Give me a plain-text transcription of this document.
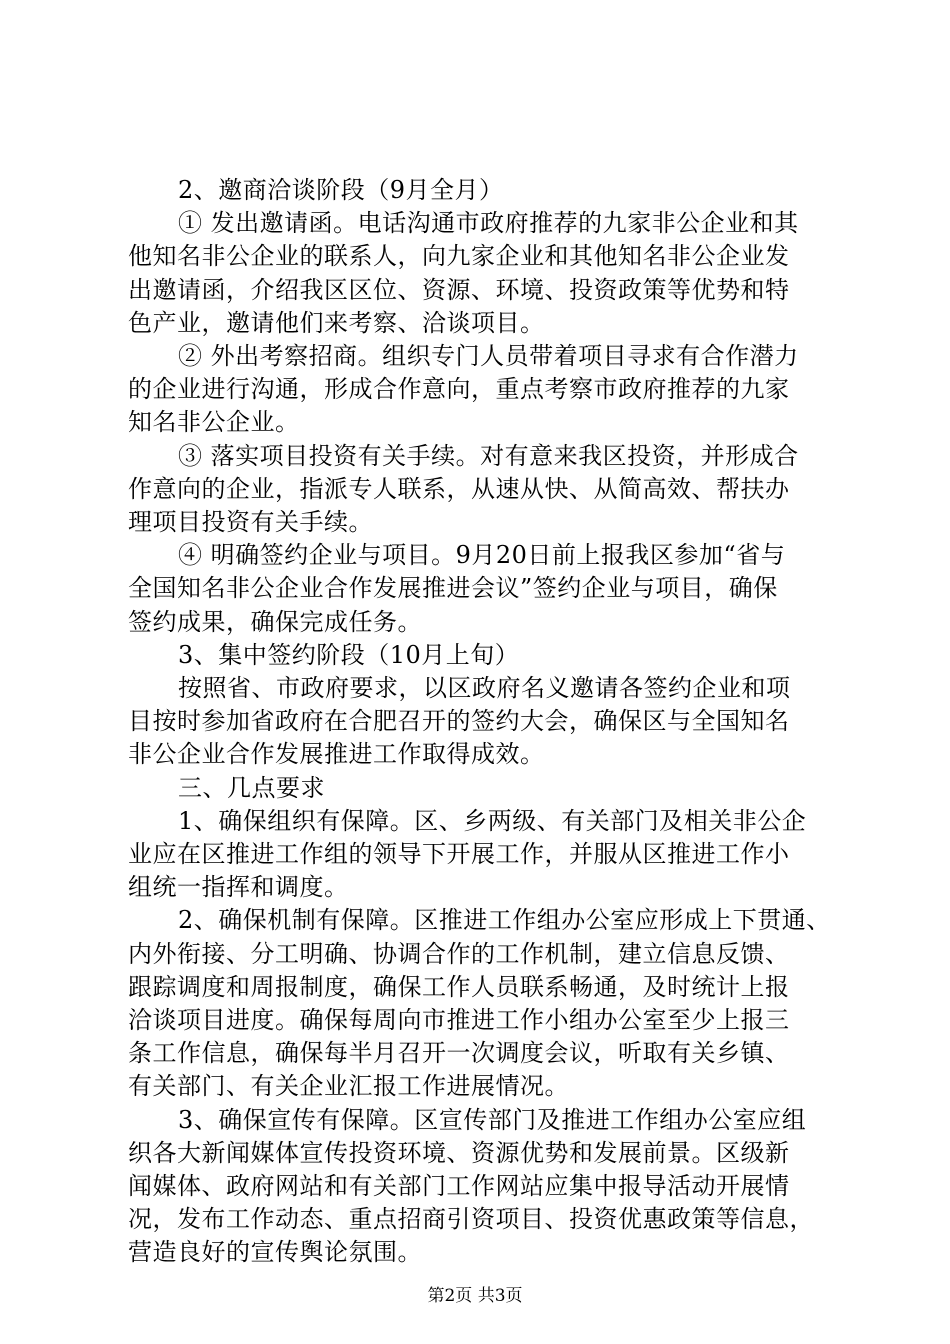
2、邀商洽谈阶段（9月全月）
① 发出邀请函。电话沟通市政府推荐的九家非公企业和其
他知名非公企业的联系人，向九家企业和其他知名非公企业发
出邀请函，介绍我区区位、资源、环境、投资政策等优势和特
色产业，邀请他们来考察、洽谈项目。
② 外出考察招商。组织专门人员带着项目寻求有合作潜力
的企业进行沟通，形成合作意向，重点考察市政府推荐的九家
知名非公企业。
③ 落实项目投资有关手续。对有意来我区投资，并形成合
作意向的企业，指派专人联系，从速从快、从简高效、帮扶办
理项目投资有关手续。
④ 明确签约企业与项目。9月20日前上报我区参加“省与
全国知名非公企业合作发展推进会议”签约企业与项目，确保
签约成果，确保完成任务。
3、集中签约阶段（10月上旬）
按照省、市政府要求，以区政府名义邀请各签约企业和项
目按时参加省政府在合肥召开的签约大会，确保区与全国知名
非公企业合作发展推进工作取得成效。
三、几点要求
1、确保组织有保障。区、乡两级、有关部门及相关非公企
业应在区推进工作组的领导下开展工作，并服从区推进工作小
组统一指挥和调度。
2、确保机制有保障。区推进工作组办公室应形成上下贯通、
内外衔接、分工明确、协调合作的工作机制，建立信息反馈、
跟踪调度和周报制度，确保工作人员联系畅通，及时统计上报
洽谈项目进度。确保每周向市推进工作小组办公室至少上报三
条工作信息，确保每半月召开一次调度会议，听取有关乡镇、
有关部门、有关企业汇报工作进展情况。
3、确保宣传有保障。区宣传部门及推进工作组办公室应组
织各大新闻媒体宣传投资环境、资源优势和发展前景。区级新
闻媒体、政府网站和有关部门工作网站应集中报导活动开展情
况，发布工作动态、重点招商引资项目、投资优惠政策等信息，
营造良好的宣传舆论氛围。
第2页 共3页
